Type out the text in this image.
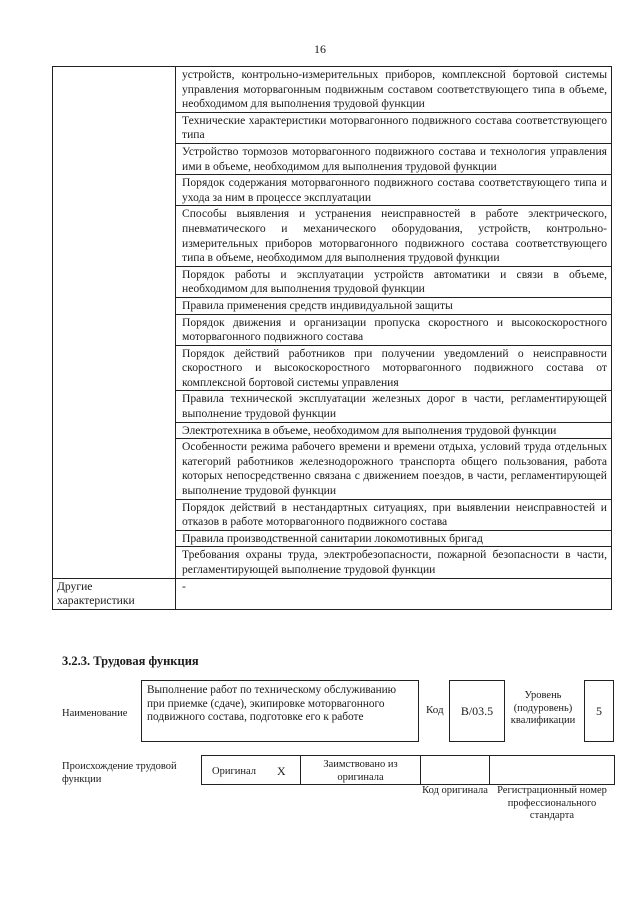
16
	устройств, контрольно-измерительных приборов, комплексной бортовой системы управления моторвагонным подвижным составом соответствующего типа в объеме, необходимом для выполнения трудовой функции
	Технические характеристики моторвагонного подвижного состава соответствующего типа
	Устройство тормозов моторвагонного подвижного состава и технология управления ими в объеме, необходимом для выполнения трудовой функции
	Порядок содержания моторвагонного подвижного состава соответствующего типа и ухода за ним в процессе эксплуатации
	Способы выявления и устранения неисправностей в работе электрического, пневматического и механического оборудования, устройств, контрольно-измерительных приборов моторвагонного подвижного состава соответствующего типа в объеме, необходимом для выполнения трудовой функции
	Порядок работы и эксплуатации устройств автоматики и связи в объеме, необходимом для выполнения трудовой функции
	Правила применения средств индивидуальной защиты
	Порядок движения и организации пропуска скоростного и высокоскоростного моторвагонного подвижного состава
	Порядок действий работников при получении уведомлений о неисправности скоростного и высокоскоростного моторвагонного подвижного состава от комплексной бортовой системы управления
	Правила технической эксплуатации железных дорог в части, регламентирующей выполнение трудовой функции
	Электротехника в объеме, необходимом для выполнения трудовой функции
	Особенности режима рабочего времени и времени отдыха, условий труда отдельных категорий работников железнодорожного транспорта общего пользования, работа которых непосредственно связана с движением поездов, в части, регламентирующей выполнение трудовой функции
	Порядок действий в нестандартных ситуациях, при выявлении неисправностей и отказов в работе моторвагонного подвижного состава
	Правила производственной санитарии локомотивных бригад
	Требования охраны труда, электробезопасности, пожарной безопасности в части, регламентирующей выполнение трудовой функции
Другие характеристики	-
3.2.3. Трудовая функция
Наименование
Выполнение работ по техническому обслуживанию при приемке (сдаче), экипировке моторвагонного подвижного состава, подготовке его к работе
Код	B/03.5
Уровень (подуровень) квалификации
5
Происхождение трудовой функции
Оригинал X	Заимствовано из оригинала
Код оригинала Регистрационный номер профессионального стандарта
